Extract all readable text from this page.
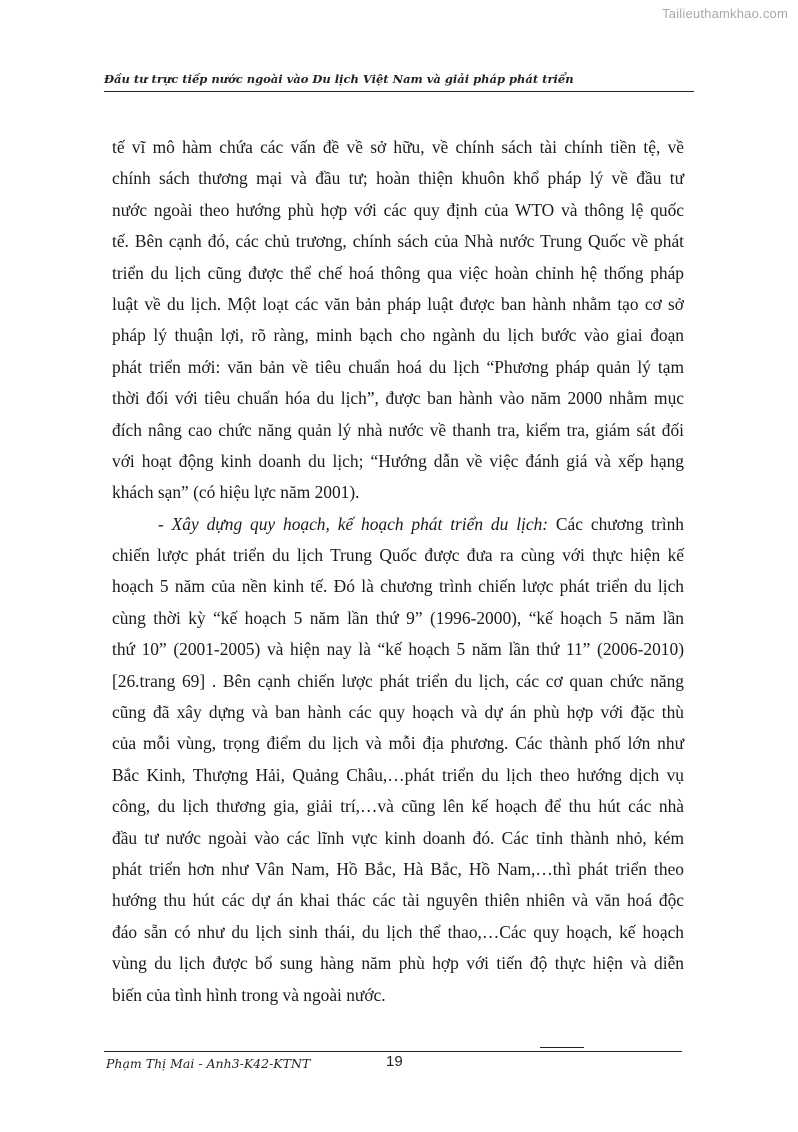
Tailieuthamkhao.com
Đầu tư trực tiếp nước ngoài vào Du lịch Việt Nam và giải pháp phát triển

tế vĩ mô hàm chứa các vấn đề về sở hữu, về chính sách tài chính tiền tệ, về
chính sách thương mại và đầu tư; hoàn thiện khuôn khổ pháp lý về đầu tư
nước ngoài theo hướng phù hợp với các quy định của WTO và thông lệ quốc
tế. Bên cạnh đó, các chủ trương, chính sách của Nhà nước Trung Quốc về phát
triển du lịch cũng được thể chế hoá thông qua việc hoàn chỉnh hệ thống pháp
luật về du lịch. Một loạt các văn bản pháp luật được ban hành nhằm tạo cơ sở
pháp lý thuận lợi, rõ ràng, minh bạch cho ngành du lịch bước vào giai đoạn
phát triển mới: văn bản về tiêu chuẩn hoá du lịch “Phương pháp quản lý tạm
thời đối với tiêu chuẩn hóa du lịch”, được ban hành vào năm 2000 nhằm mục
đích nâng cao chức năng quản lý nhà nước về thanh tra, kiểm tra, giám sát đối
với hoạt động kinh doanh du lịch; “Hướng dẫn về việc đánh giá và xếp hạng
khách sạn” (có hiệu lực năm 2001).

- Xây dựng quy hoạch, kế hoạch phát triển du lịch: Các chương trình
chiến lược phát triển du lịch Trung Quốc được đưa ra cùng với thực hiện kế
hoạch 5 năm của nền kinh tế. Đó là chương trình chiến lược phát triển du lịch
cùng thời kỳ “kế hoạch 5 năm lần thứ 9” (1996-2000), “kế hoạch 5 năm lần
thứ 10” (2001-2005) và hiện nay là “kế hoạch 5 năm lần thứ 11” (2006-2010)
[26.trang 69] . Bên cạnh chiến lược phát triển du lịch, các cơ quan chức năng
cũng đã xây dựng và ban hành các quy hoạch và dự án phù hợp với đặc thù
của mỗi vùng, trọng điểm du lịch và mỗi địa phương. Các thành phố lớn như
Bắc Kinh, Thượng Hải, Quảng Châu,…phát triển du lịch theo hướng dịch vụ
công, du lịch thương gia, giải trí,…và cũng lên kế hoạch để thu hút các nhà
đầu tư nước ngoài vào các lĩnh vực kinh doanh đó. Các tỉnh thành nhỏ, kém
phát triển hơn như Vân Nam, Hồ Bắc, Hà Bắc, Hồ Nam,…thì phát triển theo
hướng thu hút các dự án khai thác các tài nguyên thiên nhiên và văn hoá độc
đáo sẵn có như du lịch sinh thái, du lịch thể thao,…Các quy hoạch, kế hoạch
vùng du lịch được bổ sung hàng năm phù hợp với tiến độ thực hiện và diễn
biến của tình hình trong và ngoài nước.

Phạm Thị Mai - Anh3-K42-KTNT	19
